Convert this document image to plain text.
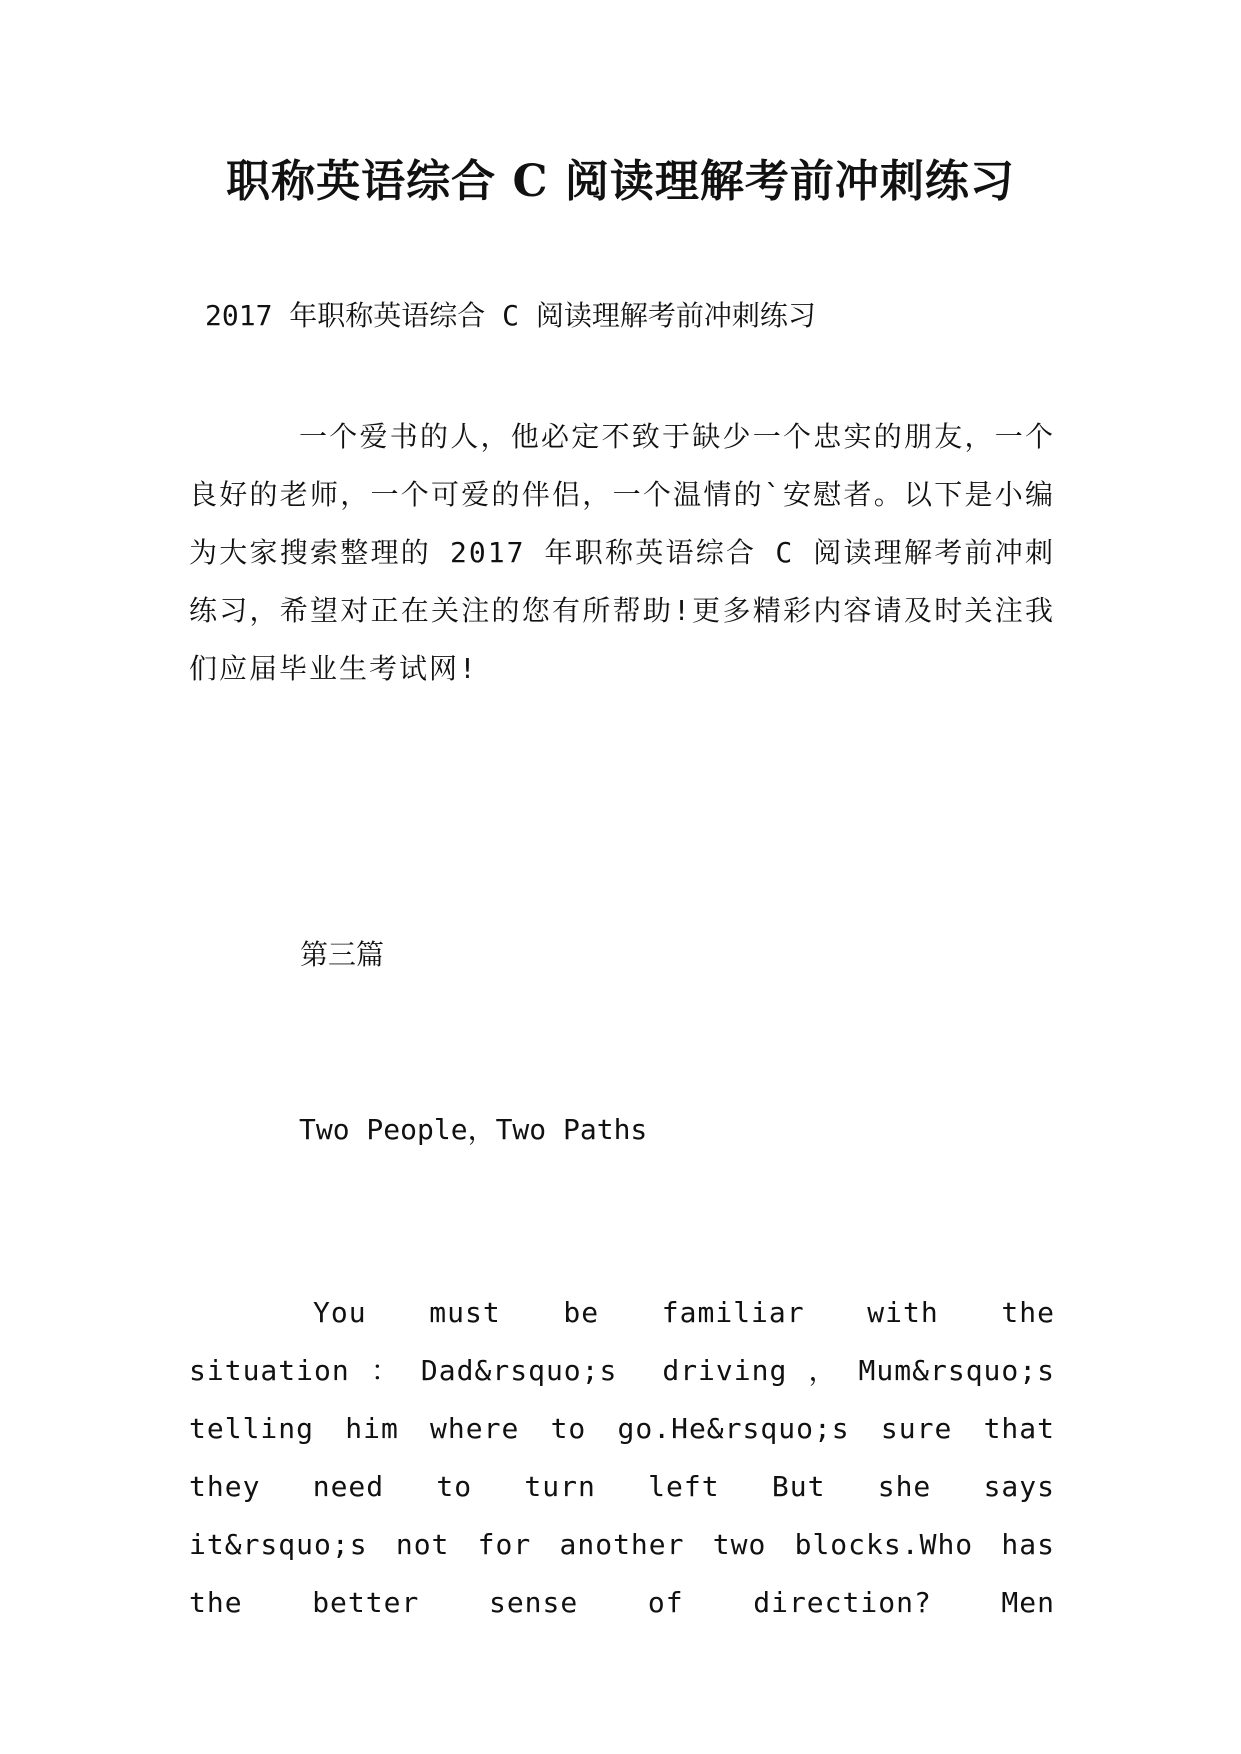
职称英语综合 C 阅读理解考前冲刺练习
2017 年职称英语综合 C 阅读理解考前冲刺练习

一个爱书的人，他必定不致于缺少一个忠实的朋友，一个良好的老师，一个可爱的伴侣，一个温情的`安慰者。以下是小编为大家搜索整理的 2017 年职称英语综合 C 阅读理解考前冲刺练习，希望对正在关注的您有所帮助!更多精彩内容请及时关注我们应届毕业生考试网!

第三篇
Two People，Two Paths

You must be familiar with the situation：Dad&rsquo;s driving，Mum&rsquo;s telling him where to go.He&rsquo;s sure that they need to turn left But she says it&rsquo;s not for another two blocks.Who has the better sense of direction? Men
